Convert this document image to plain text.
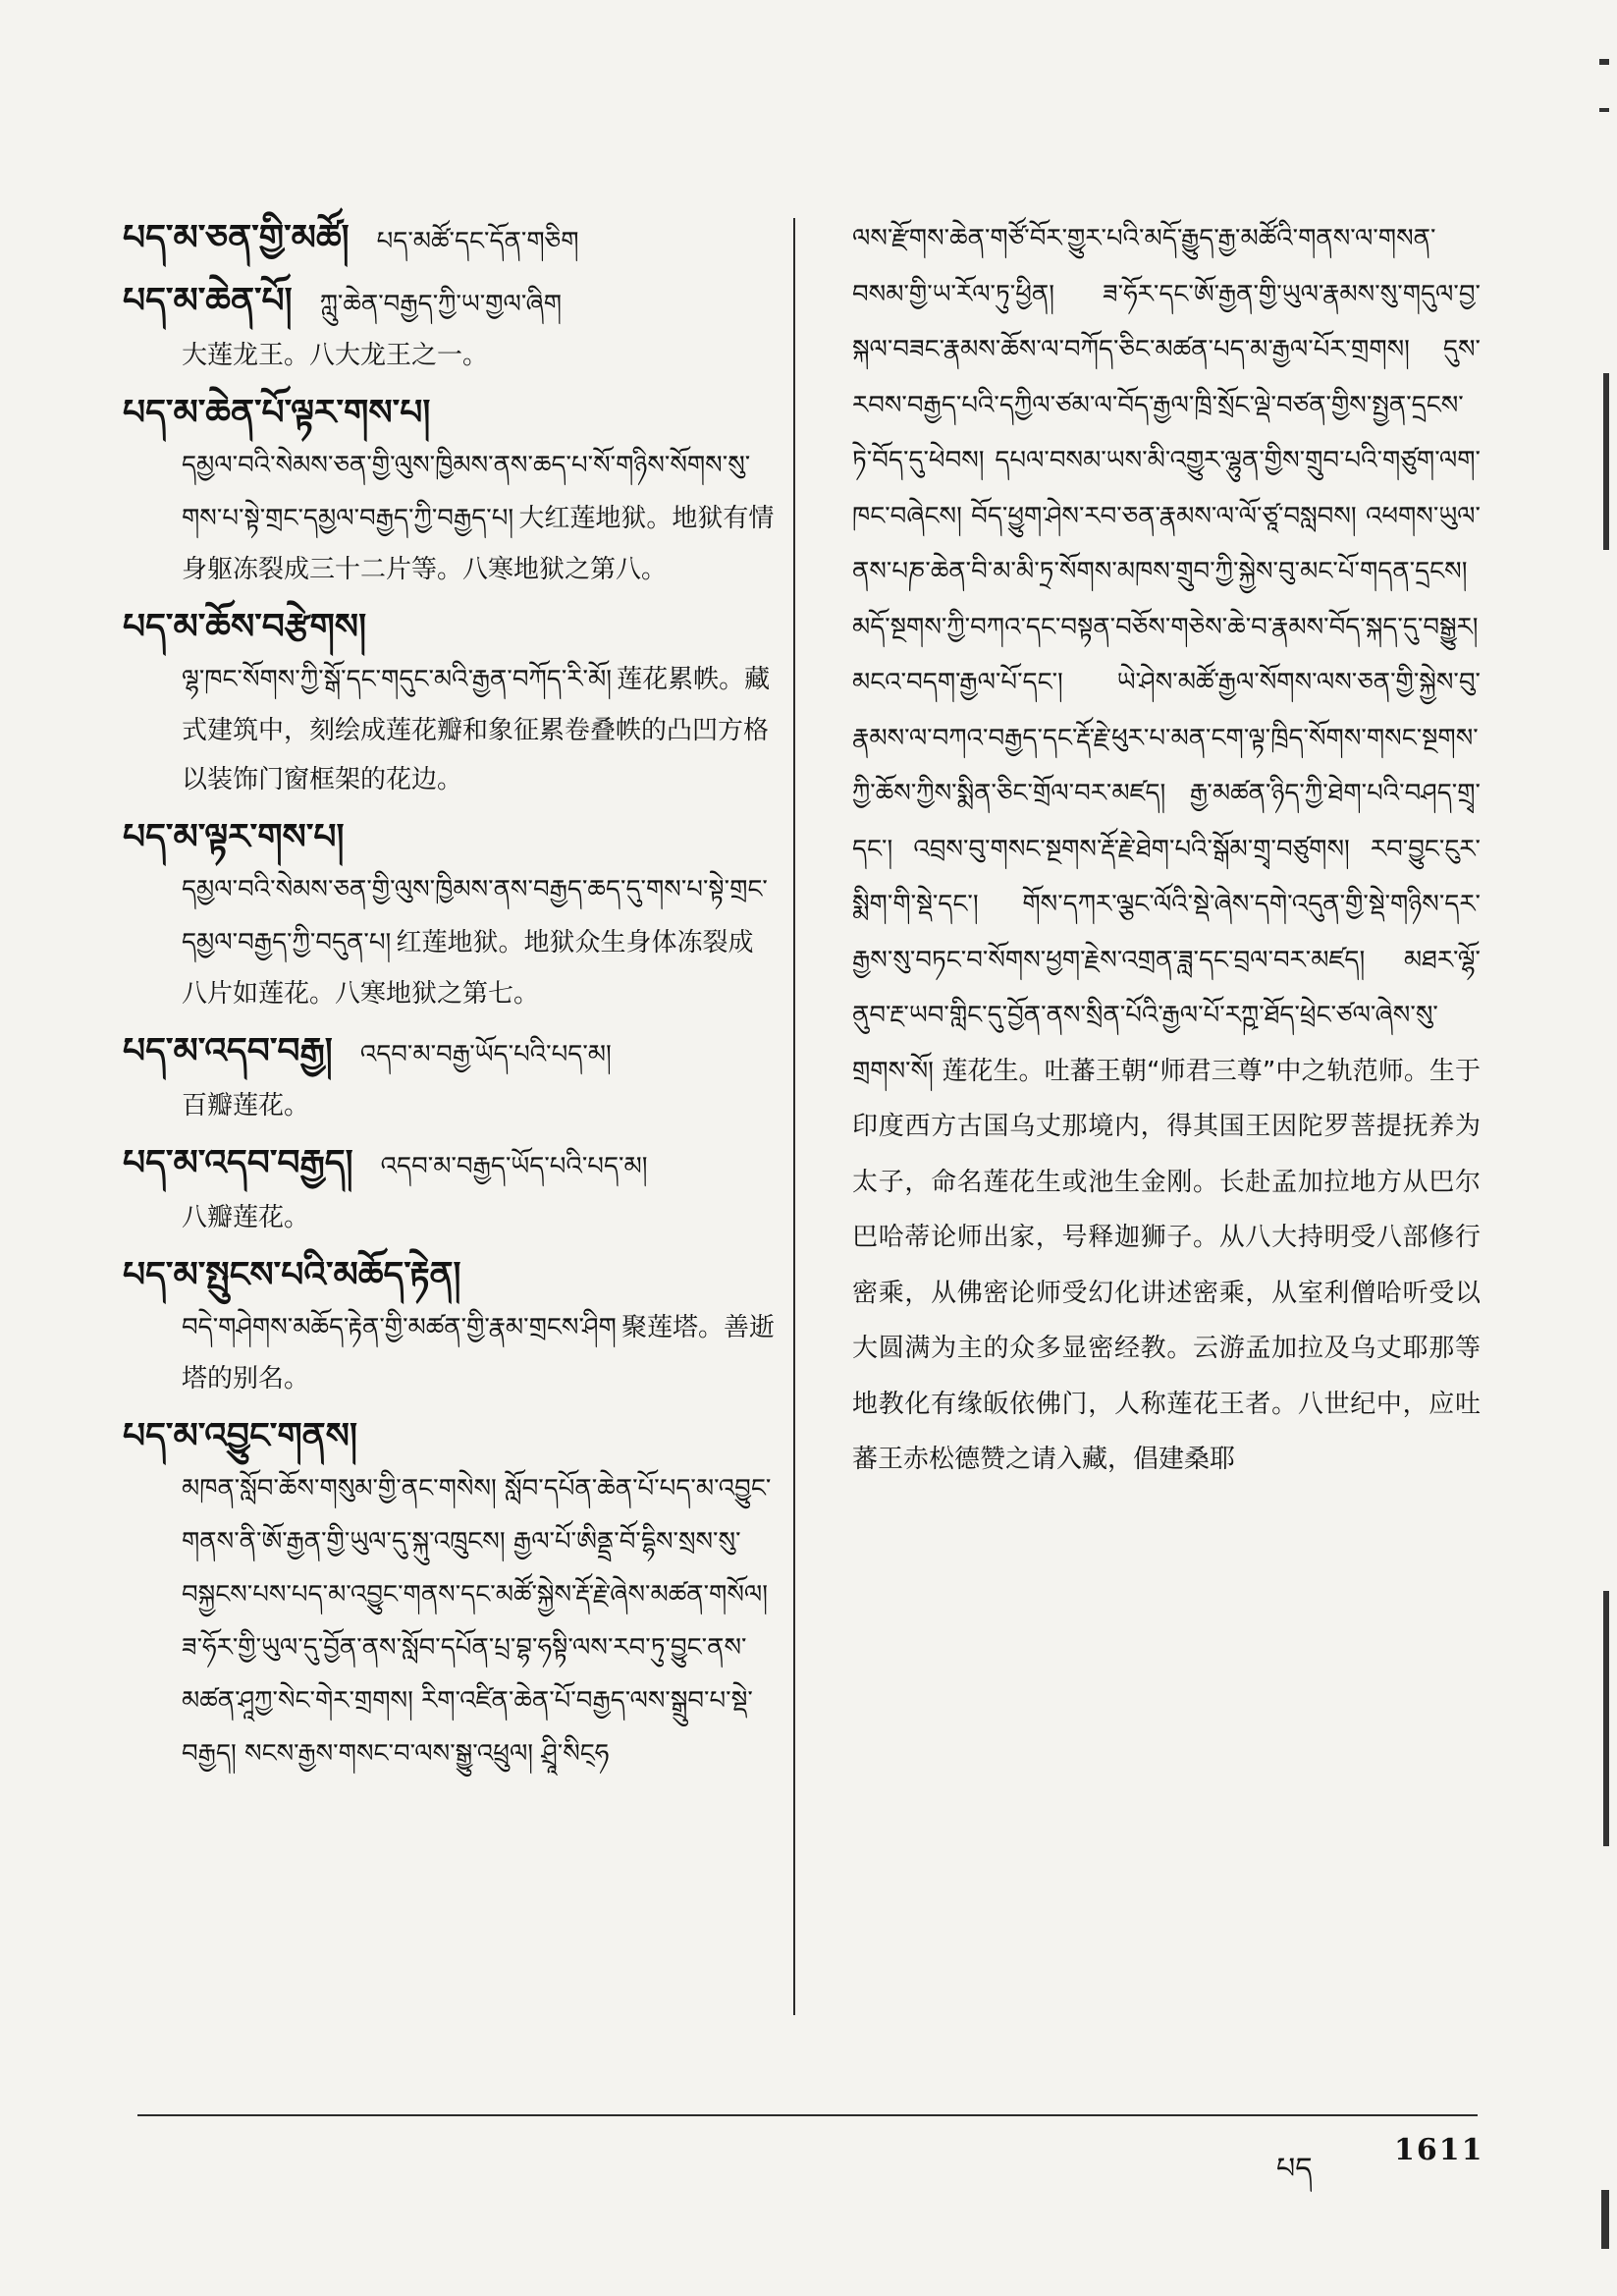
པད་མ་ཅན་གྱི་མཚོ། པད་མཚོ་དང་དོན་གཅིག
པད་མ་ཆེན་པོ། ཀླུ་ཆེན་བརྒྱད་ཀྱི་ཡ་གྱལ་ཞིག
大莲龙王。八大龙王之一。
པད་མ་ཆེན་པོ་ལྟར་གས་པ།
དམྱལ་བའི་སེམས་ཅན་གྱི་ལུས་ཁྱིམས་ནས་ཆད་པ་སོ་གཉིས་སོགས་སུ་གས་པ་སྟེ་གྲང་དམྱལ་བརྒྱད་ཀྱི་བརྒྱད་པ། 大红莲地狱。地狱有情身躯冻裂成三十二片等。八寒地狱之第八。
པད་མ་ཆོས་བརྩེགས།
ལྷ་ཁང་སོགས་ཀྱི་སྒོ་དང་གདུང་མའི་རྒྱན་བཀོད་རི་མོ། 莲花累帙。藏式建筑中，刻绘成莲花瓣和象征累卷叠帙的凸凹方格以装饰门窗框架的花边。
པད་མ་ལྟར་གས་པ།
དམྱལ་བའི་སེམས་ཅན་གྱི་ལུས་ཁྱིམས་ནས་བརྒྱད་ཆད་དུ་གས་པ་སྟེ་གྲང་དམྱལ་བརྒྱད་ཀྱི་བདུན་པ། 红莲地狱。地狱众生身体冻裂成八片如莲花。八寒地狱之第七。
པད་མ་འདབ་བརྒྱ། འདབ་མ་བརྒྱ་ཡོད་པའི་པད་མ།
百瓣莲花。
པད་མ་འདབ་བརྒྱད། འདབ་མ་བརྒྱད་ཡོད་པའི་པད་མ།
八瓣莲花。
པད་མ་སྤུངས་པའི་མཆོད་རྟེན།
བདེ་གཤེགས་མཆོད་རྟེན་གྱི་མཚན་གྱི་རྣམ་གྲངས་ཤིག 聚莲塔。善逝塔的别名。
པད་མ་འབྱུང་གནས།
མཁན་སློབ་ཆོས་གསུམ་གྱི་ནང་གསེས། སློབ་དཔོན་ཆེན་པོ་པད་མ་འབྱུང་གནས་ནི་ཨོ་རྒྱན་གྱི་ཡུལ་དུ་སྐུ་འཁྲུངས། རྒྱལ་པོ་ཨིནྡྲ་བོ་དྷིས་སྲས་སུ་བསྐྱངས་པས་པད་མ་འབྱུང་གནས་དང་མཚོ་སྐྱེས་རྡོ་རྗེ་ཞེས་མཚན་གསོལ། ཟ་ཧོར་གྱི་ཡུལ་དུ་བྱོན་ནས་སློབ་དཔོན་པྲ་བྷ་ཧསྟི་ལས་རབ་ཏུ་བྱུང་ནས་མཚན་ཤཱཀྱ་སེང་གེར་གྲགས། རིག་འཛིན་ཆེན་པོ་བརྒྱད་ལས་སྒྲུབ་པ་སྡེ་བརྒྱད། སངས་རྒྱས་གསང་བ་ལས་སྒྱུ་འཕྲུལ། ཤྲཱི་སིང྄ཧ
ལས་རྫོགས་ཆེན་གཙོ་བོར་གྱུར་པའི་མདོ་རྒྱུད་རྒྱ་མཚོའི་གནས་ལ་གསན་བསམ་གྱི་ཡ་རོལ་ཏུ་ཕྱིན། ཟ་ཧོར་དང་ཨོ་རྒྱན་གྱི་ཡུལ་རྣམས་སུ་གདུལ་བྱ་སྐལ་བཟང་རྣམས་ཆོས་ལ་བཀོད་ཅིང་མཚན་པད་མ་རྒྱལ་པོར་གྲགས། དུས་རབས་བརྒྱད་པའི་དཀྱིལ་ཙམ་ལ་བོད་རྒྱལ་ཁྲི་སྲོང་ལྡེ་བཙན་གྱིས་སྤྱན་དྲངས་ཏེ་བོད་དུ་ཕེབས། དཔལ་བསམ་ཡས་མི་འགྱུར་ལྷུན་གྱིས་གྲུབ་པའི་གཙུག་ལག་ཁང་བཞེངས། བོད་ཕྱུག་ཤེས་རབ་ཅན་རྣམས་ལ་ལོ་ཙཱ་བསླབས། འཕགས་ཡུལ་ནས་པཎ་ཆེན་བི་མ་མི་ཏྲ་སོགས་མཁས་གྲུབ་ཀྱི་སྐྱེས་བུ་མང་པོ་གདན་དྲངས། མདོ་སྔགས་ཀྱི་བཀའ་དང་བསྟན་བཅོས་གཅེས་ཆེ་བ་རྣམས་བོད་སྐད་དུ་བསྒྱུར། མངའ་བདག་རྒྱལ་པོ་དང་། ཡེ་ཤེས་མཚོ་རྒྱལ་སོགས་ལས་ཅན་གྱི་སྐྱེས་བུ་རྣམས་ལ་བཀའ་བརྒྱད་དང་རྡོ་རྗེ་ཕུར་པ་མན་ངག་ལྟ་ཁྲིད་སོགས་གསང་སྔགས་ཀྱི་ཆོས་ཀྱིས་སྨིན་ཅིང་གྲོལ་བར་མཛད། རྒྱ་མཚན་ཉིད་ཀྱི་ཐེག་པའི་བཤད་གྲྭ་དང་། འབྲས་བུ་གསང་སྔགས་རྡོ་རྗེ་ཐེག་པའི་སྒོམ་གྲྭ་བཙུགས། རབ་བྱུང་ངུར་སྨིག་གི་སྡེ་དང་། གོས་དཀར་ལྕང་ལོའི་སྡེ་ཞེས་དགེ་འདུན་གྱི་སྡེ་གཉིས་དར་རྒྱས་སུ་བཏང་བ་སོགས་ཕྱག་རྗེས་འགྲན་ཟླ་དང་བྲལ་བར་མཛད། མཐར་ལྷོ་ནུབ་རྔ་ཡབ་གླིང་དུ་བྱོན་ནས་སྲིན་པོའི་རྒྱལ་པོ་རཀྵ་ཐོད་ཕྲེང་ཙལ་ཞེས་སུ་གྲགས་སོ། 莲花生。吐蕃王朝“师君三尊”中之轨范师。生于印度西方古国乌丈那境内，得其国王因陀罗菩提抚养为太子，命名莲花生或池生金刚。长赴孟加拉地方从巴尔巴哈蒂论师出家，号释迦狮子。从八大持明受八部修行密乘，从佛密论师受幻化讲述密乘，从室利僧哈听受以大圆满为主的众多显密经教。云游孟加拉及乌丈耶那等地教化有缘皈依佛门，人称莲花王者。八世纪中，应吐蕃王赤松德赞之请入藏，倡建桑耶
པད
1611
